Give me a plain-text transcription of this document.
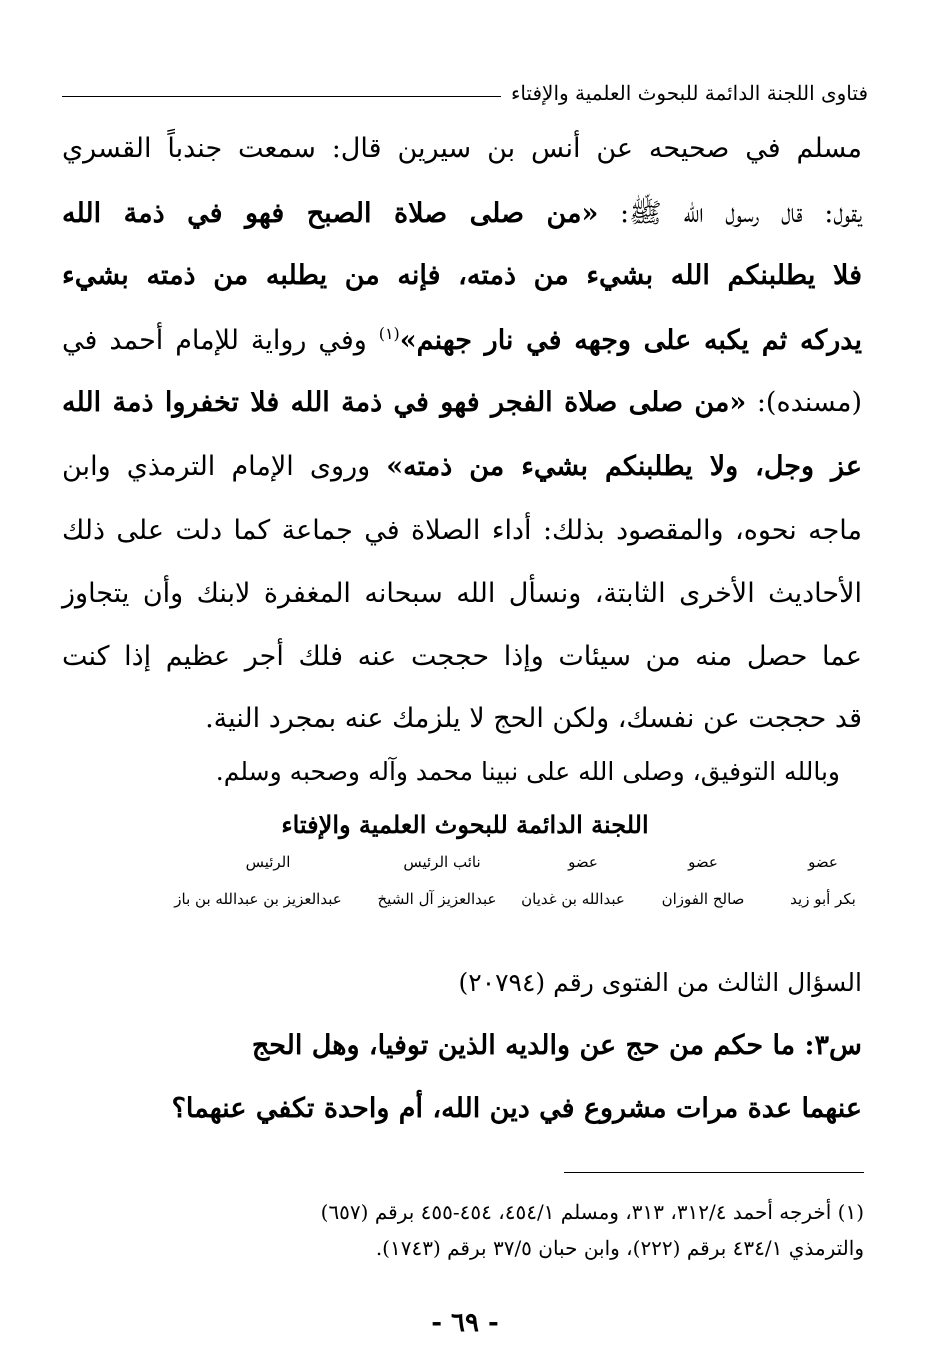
فتاوى اللجنة الدائمة للبحوث العلمية والإفتاء
مسلم في صحيحه عن أنس بن سيرين قال: سمعت جندباً القسري
يقول: قال رسول الله ﷺ: «من صلى صلاة الصبح فهو في ذمة الله
فلا يطلبنكم الله بشيء من ذمته، فإنه من يطلبه من ذمته بشيء
يدركه ثم يكبه على وجهه في نار جهنم»$^{(١)}$ وفي رواية للإمام أحمد في
(مسنده): «من صلى صلاة الفجر فهو في ذمة الله فلا تخفروا ذمة الله
عز وجل، ولا يطلبنكم بشيء من ذمته» وروى الإمام الترمذي وابن
ماجه نحوه، والمقصود بذلك: أداء الصلاة في جماعة كما دلت على ذلك
الأحاديث الأخرى الثابتة، ونسأل الله سبحانه المغفرة لابنك وأن يتجاوز
عما حصل منه من سيئات وإذا حججت عنه فلك أجر عظيم إذا كنت
قد حججت عن نفسك، ولكن الحج لا يلزمك عنه بمجرد النية.
وبالله التوفيق، وصلى الله على نبينا محمد وآله وصحبه وسلم.
اللجنة الدائمة للبحوث العلمية والإفتاء
عضو
عضو
عضو
نائب الرئيس
الرئيس
بكر أبو زيد
صالح الفوزان
عبدالله بن غديان
عبدالعزيز آل الشيخ
عبدالعزيز بن عبدالله بن باز
السؤال الثالث من الفتوى رقم (٢٠٧٩٤)
س٣: ما حكم من حج عن والديه الذين توفيا، وهل الحج
عنهما عدة مرات مشروع في دين الله، أم واحدة تكفي عنهما؟
(١) أخرجه أحمد ٣١٢/٤، ٣١٣، ومسلم ٤٥٤/١، ٤٥٤-٤٥٥ برقم (٦٥٧)
والترمذي ٤٣٤/١ برقم (٢٢٢)، وابن حبان ٣٧/٥ برقم (١٧٤٣).
- ٦٩ -
